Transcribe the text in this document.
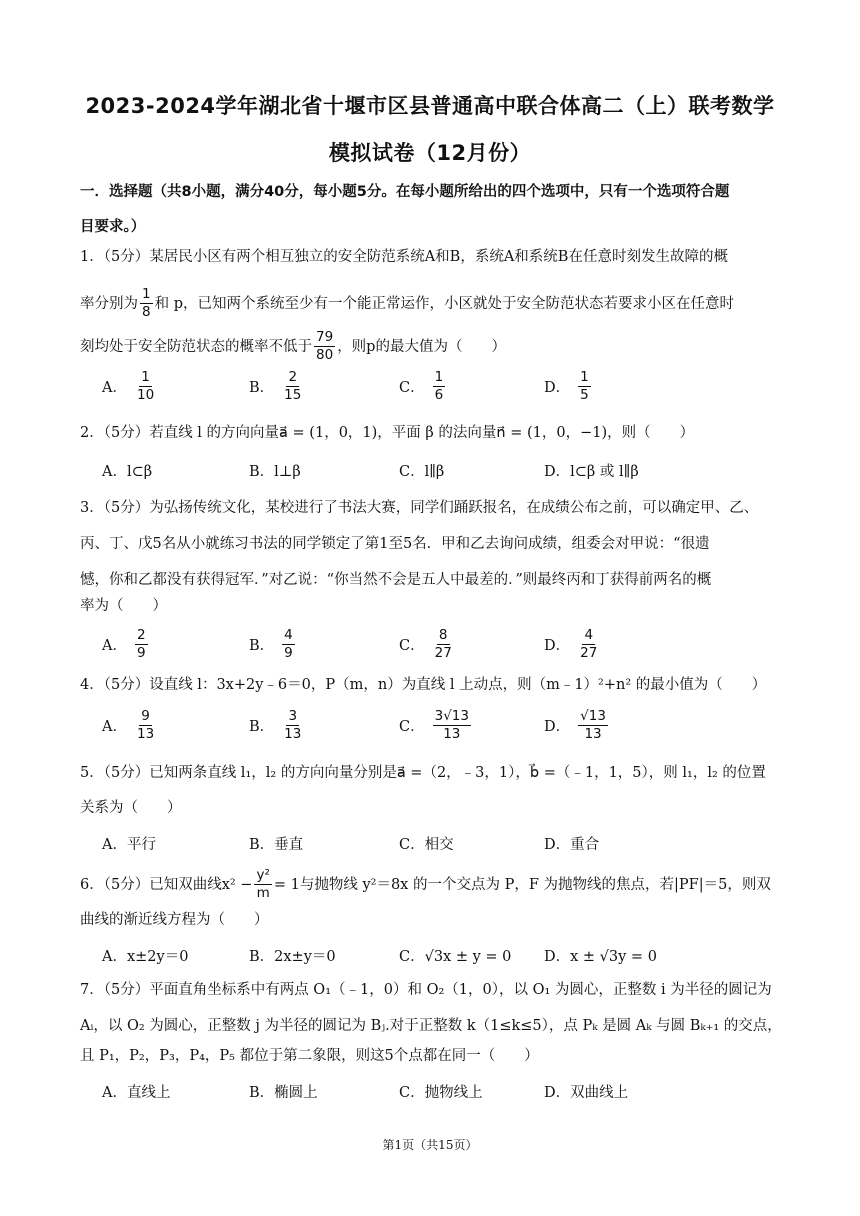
2023-2024学年湖北省十堰市区县普通高中联合体高二（上）联考数学
模拟试卷（12月份）
一．选择题（共8小题，满分40分，每小题5分。在每小题所给出的四个选项中，只有一个选项符合题
目要求。）
1．（5分）某居民小区有两个相互独立的安全防范系统A和B，系统A和系统B在任意时刻发生故障的概
率分别为 $\frac{1}{8}$ 和 p，已知两个系统至少有一个能正常运作，小区就处于安全防范状态若要求小区在任意时
刻均处于安全防范状态的概率不低于 $\frac{79}{80}$ ，则p的最大值为（　　）
A． $\frac{1}{10}$	B． $\frac{2}{15}$	C． $\frac{1}{6}$	D． $\frac{1}{5}$
2．（5分）若直线 l 的方向向量a⃗ = (1，0，1)，平面 β 的法向量n⃗ = (1，0，−1)，则（　　）
A．l⊂β	B．l⊥β	C．l∥β	D．l⊂β 或 l∥β
3．（5分）为弘扬传统文化，某校进行了书法大赛，同学们踊跃报名，在成绩公布之前，可以确定甲、乙、
丙、丁、戊5名从小就练习书法的同学锁定了第1至5名．甲和乙去询问成绩，组委会对甲说：“很遗
憾，你和乙都没有获得冠军．”对乙说：“你当然不会是五人中最差的．”则最终丙和丁获得前两名的概
率为（　　）
A． $\frac{2}{9}$	B． $\frac{4}{9}$	C． $\frac{8}{27}$	D． $\frac{4}{27}$
4．（5分）设直线 l：3x+2y﹣6＝0，P（m，n）为直线 l 上动点，则（m﹣1）²+n² 的最小值为（　　）
A． $\frac{9}{13}$	B． $\frac{3}{13}$	C． $\frac{3√13}{13}$	D． $\frac{√13}{13}$
5．（5分）已知两条直线 l₁，l₂ 的方向向量分别是a⃗ =（2，﹣3，1），b⃗ =（﹣1，1，5），则 l₁，l₂ 的位置
关系为（　　）
A．平行	B．垂直	C．相交	D．重合
6．（5分）已知双曲线$x^2 - \frac{\text{y²}}{m} = 1$与抛物线 y²＝8x 的一个交点为 P，F 为抛物线的焦点，若|PF|＝5，则双
曲线的渐近线方程为（　　）
A．x±2y＝0	B．2x±y＝0	C．√3x ± y = 0 D．x ± √3y = 0
7．（5分）平面直角坐标系中有两点 O₁（﹣1，0）和 O₂（1，0），以 O₁ 为圆心，正整数 i 为半径的圆记为
Aᵢ，以 O₂ 为圆心，正整数 j 为半径的圆记为 Bⱼ.对于正整数 k（1≤k≤5），点 Pₖ 是圆 Aₖ 与圆 Bₖ₊₁ 的交点，
且 P₁，P₂，P₃，P₄，P₅ 都位于第二象限，则这5个点都在同一（　　）
A．直线上	B．椭圆上	C．抛物线上	D．双曲线上
第1页（共15页）
